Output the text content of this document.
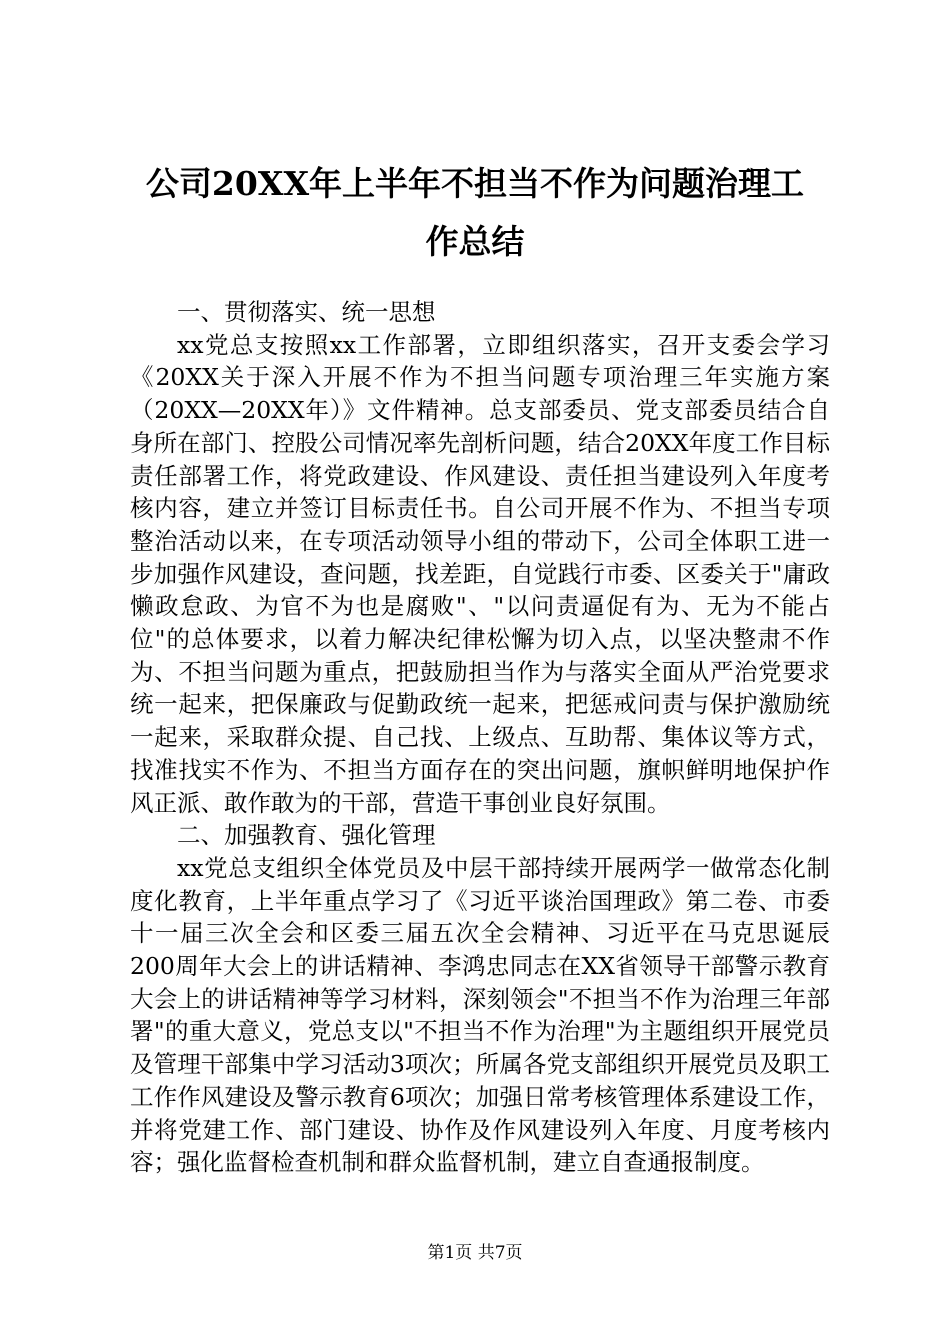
公司20XX年上半年不担当不作为问题治理工
作总结

一、贯彻落实、统一思想

xx党总支按照xx工作部署，立即组织落实，召开支委会学习《20XX关于深入开展不作为不担当问题专项治理三年实施方案（20XX—20XX年）》文件精神。总支部委员、党支部委员结合自身所在部门、控股公司情况率先剖析问题，结合20XX年度工作目标责任部署工作，将党政建设、作风建设、责任担当建设列入年度考核内容，建立并签订目标责任书。自公司开展不作为、不担当专项整治活动以来，在专项活动领导小组的带动下，公司全体职工进一步加强作风建设，查问题，找差距，自觉践行市委、区委关于"庸政懒政怠政、为官不为也是腐败"、"以问责逼促有为、无为不能占位"的总体要求，以着力解决纪律松懈为切入点，以坚决整肃不作为、不担当问题为重点，把鼓励担当作为与落实全面从严治党要求统一起来，把保廉政与促勤政统一起来，把惩戒问责与保护激励统一起来，采取群众提、自己找、上级点、互助帮、集体议等方式，找准找实不作为、不担当方面存在的突出问题，旗帜鲜明地保护作风正派、敢作敢为的干部，营造干事创业良好氛围。

二、加强教育、强化管理

xx党总支组织全体党员及中层干部持续开展两学一做常态化制度化教育，上半年重点学习了《习近平谈治国理政》第二卷、市委十一届三次全会和区委三届五次全会精神、习近平在马克思诞辰200周年大会上的讲话精神、李鸿忠同志在XX省领导干部警示教育大会上的讲话精神等学习材料，深刻领会"不担当不作为治理三年部署"的重大意义，党总支以"不担当不作为治理"为主题组织开展党员及管理干部集中学习活动3项次；所属各党支部组织开展党员及职工工作作风建设及警示教育6项次；加强日常考核管理体系建设工作，并将党建工作、部门建设、协作及作风建设列入年度、月度考核内容；强化监督检查机制和群众监督机制，建立自查通报制度。

第1页 共7页
